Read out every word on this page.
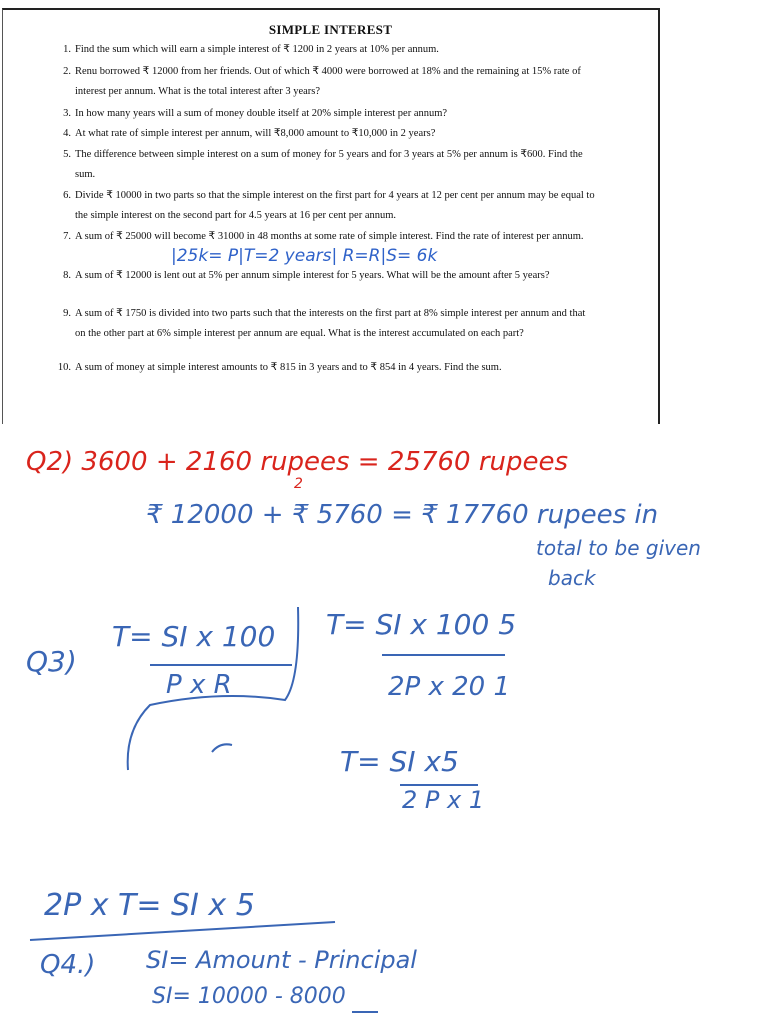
SIMPLE INTEREST
1. Find the sum which will earn a simple interest of ₹ 1200 in 2 years at 10% per annum.
2. Renu borrowed ₹ 12000 from her friends. Out of which ₹ 4000 were borrowed at 18% and the remaining at 15% rate of interest per annum. What is the total interest after 3 years?
3. In how many years will a sum of money double itself at 20% simple interest per annum?
4. At what rate of simple interest per annum, will ₹8,000 amount to ₹10,000 in 2 years?
5. The difference between simple interest on a sum of money for 5 years and for 3 years at 5% per annum is ₹600. Find the sum.
6. Divide ₹ 10000 in two parts so that the simple interest on the first part for 4 years at 12 per cent per annum may be equal to the simple interest on the second part for 4.5 years at 16 per cent per annum.
7. A sum of ₹ 25000 will become ₹ 31000 in 48 months at some rate of simple interest. Find the rate of interest per annum.
8. A sum of ₹ 12000 is lent out at 5% per annum simple interest for 5 years. What will be the amount after 5 years?
9. A sum of ₹ 1750 is divided into two parts such that the interests on the first part at 8% simple interest per annum and that on the other part at 6% simple interest per annum are equal. What is the interest accumulated on each part?
10. A sum of money at simple interest amounts to ₹ 815 in 3 years and to ₹ 854 in 4 years. Find the sum.
|25k= P|T=2 years| R=R|S= 6k
Q2) 3600 + 2160 rupees = 25760 rupees
2
₹ 12000 + ₹ 5760 = ₹ 17760 rupees in
total to be given
back
Q3)
T= SI x 100
P x R
T= SI x 100 5
2P x 20 1
T= SI x5
2 P x 1
2P x T= SI x 5
Q4.) SI= Amount - Principal
SI= 10000 - 8000
